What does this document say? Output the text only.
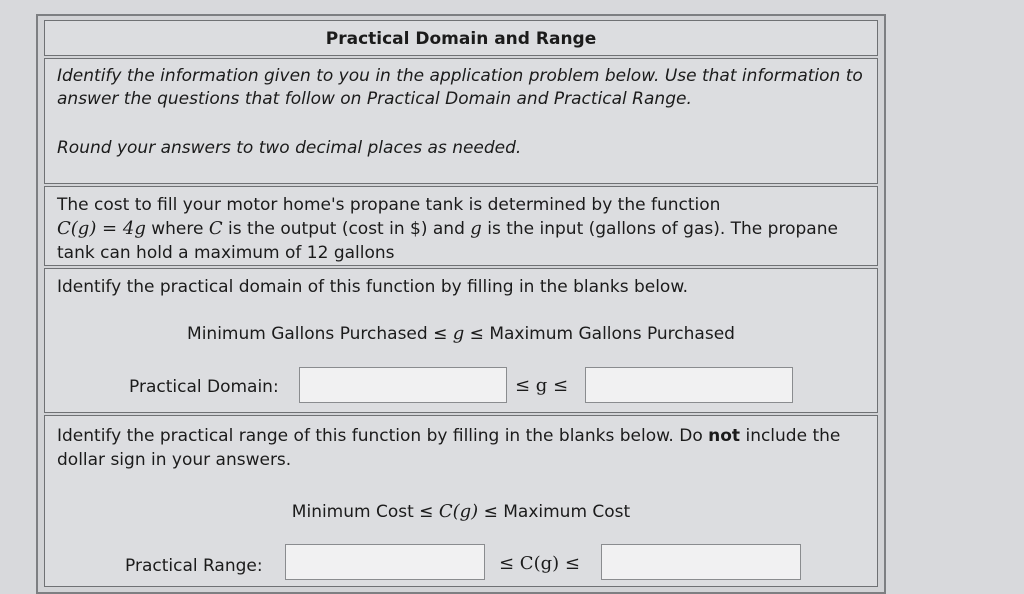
Practical Domain and Range

Identify the information given to you in the application problem below. Use that information to answer the questions that follow on Practical Domain and Practical Range.

Round your answers to two decimal places as needed.

The cost to fill your motor home's propane tank is determined by the function
C(g) = 4g where C is the output (cost in $) and g is the input (gallons of gas). The propane tank can hold a maximum of 12 gallons
Identify the practical domain of this function by filling in the blanks below.
Minimum Gallons Purchased ≤ g ≤ Maximum Gallons Purchased
Practical Domain:	≤ g ≤
Identify the practical range of this function by filling in the blanks below. Do not include the dollar sign in your answers.
Minimum Cost ≤ C(g) ≤ Maximum Cost
Practical Range:	≤ C(g) ≤
